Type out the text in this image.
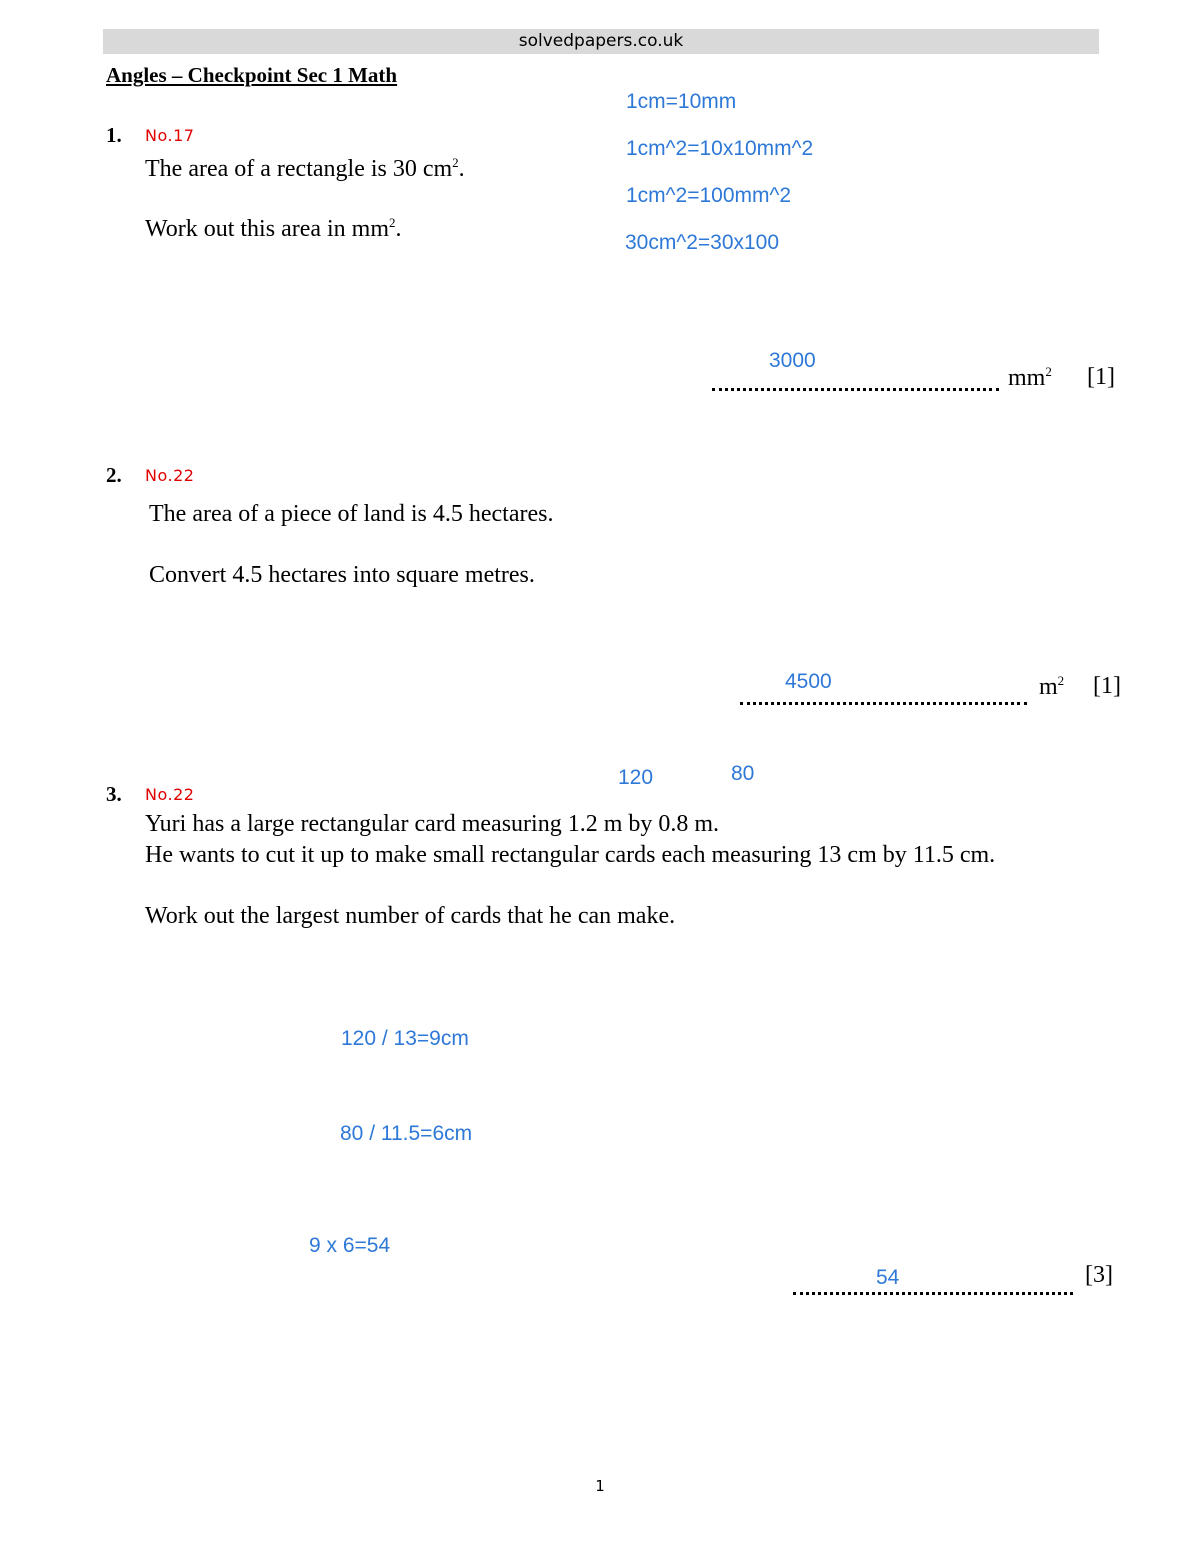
solvedpapers.co.uk
Angles – Checkpoint Sec 1 Math
1. No.17
The area of a rectangle is 30 $cm^2$.
Work out this area in $mm^2$.
1cm=10mm
1cm^2=10x10mm^2
1cm^2=100mm^2
30cm^2=30x100
3000
$mm^2$ [1]
2. No.22
The area of a piece of land is 4.5 hectares.
Convert 4.5 hectares into square metres.
4500	$m^2$ [1]
120	80
3. No.22
Yuri has a large rectangular card measuring 1.2 m by 0.8 m.
He wants to cut it up to make small rectangular cards each measuring 13 cm by 11.5 cm.
Work out the largest number of cards that he can make.
120 / 13=9cm
80 / 11.5=6cm
9 x 6=54
54	[3]
1
